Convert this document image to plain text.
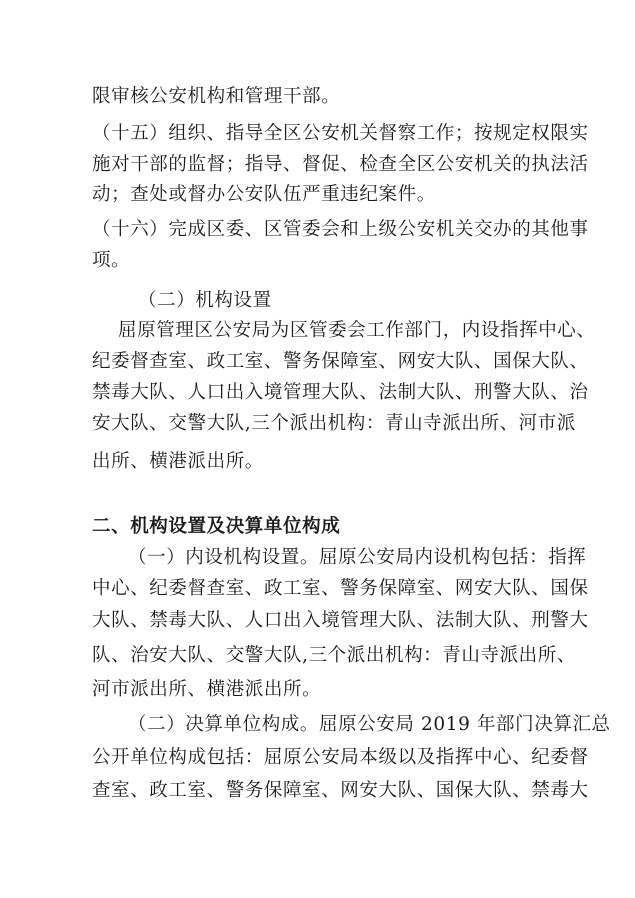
限审核公安机构和管理干部。
（十五）组织、指导全区公安机关督察工作；按规定权限实
施对干部的监督；指导、督促、检查全区公安机关的执法活
动；查处或督办公安队伍严重违纪案件。
（十六）完成区委、区管委会和上级公安机关交办的其他事
项。
（二）机构设置
屈原管理区公安局为区管委会工作部门，内设指挥中心、
纪委督查室、政工室、警务保障室、网安大队、国保大队、
禁毒大队、人口出入境管理大队、法制大队、刑警大队、治
安大队、交警大队,三个派出机构：青山寺派出所、河市派
出所、横港派出所。
二、机构设置及决算单位构成
（一）内设机构设置。屈原公安局内设机构包括：指挥
中心、纪委督查室、政工室、警务保障室、网安大队、国保
大队、禁毒大队、人口出入境管理大队、法制大队、刑警大
队、治安大队、交警大队,三个派出机构：青山寺派出所、
河市派出所、横港派出所。
（二）决算单位构成。屈原公安局 2019 年部门决算汇总
公开单位构成包括：屈原公安局本级以及指挥中心、纪委督
查室、政工室、警务保障室、网安大队、国保大队、禁毒大
